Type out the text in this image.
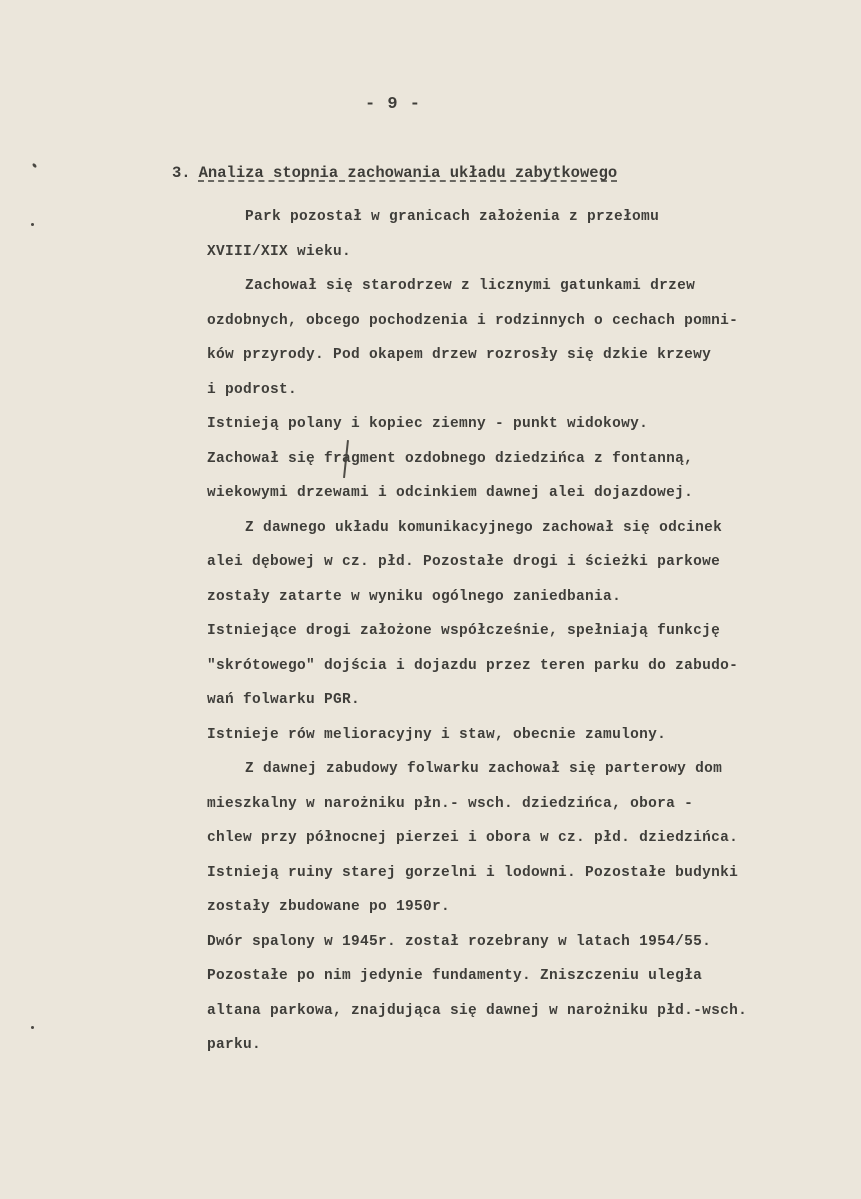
- 9 -
3. Analiza stopnia zachowania układu zabytkowego
Park pozostał w granicach założenia z przełomu
XVIII/XIX wieku.
Zachował się starodrzew z licznymi gatunkami drzew
ozdobnych, obcego pochodzenia i rodzinnych o cechach pomni-
ków przyrody. Pod okapem drzew rozrosły się dzkie krzewy
i podrost.
Istnieją polany i kopiec ziemny - punkt widokowy.
Zachował się fragment ozdobnego dziedzińca z fontanną,
wiekowymi drzewami i odcinkiem dawnej alei dojazdowej.
Z dawnego układu komunikacyjnego zachował się odcinek
alei dębowej w cz. płd. Pozostałe drogi i ścieżki parkowe
zostały zatarte w wyniku ogólnego zaniedbania.
Istniejące drogi założone współcześnie, spełniają funkcję
"skrótowego" dojścia i dojazdu przez teren parku do zabudo-
wań folwarku PGR.
Istnieje rów melioracyjny i staw, obecnie zamulony.
Z dawnej zabudowy folwarku zachował się parterowy dom
mieszkalny w narożniku płn.- wsch. dziedzińca, obora -
chlew przy północnej pierzei i obora w cz. płd. dziedzińca.
Istnieją ruiny starej gorzelni i lodowni. Pozostałe budynki
zostały zbudowane po 1950r.
Dwór spalony w 1945r. został rozebrany w latach 1954/55.
Pozostałe po nim jedynie fundamenty. Zniszczeniu uległa
altana parkowa, znajdująca się dawnej w narożniku płd.-wsch.
parku.
